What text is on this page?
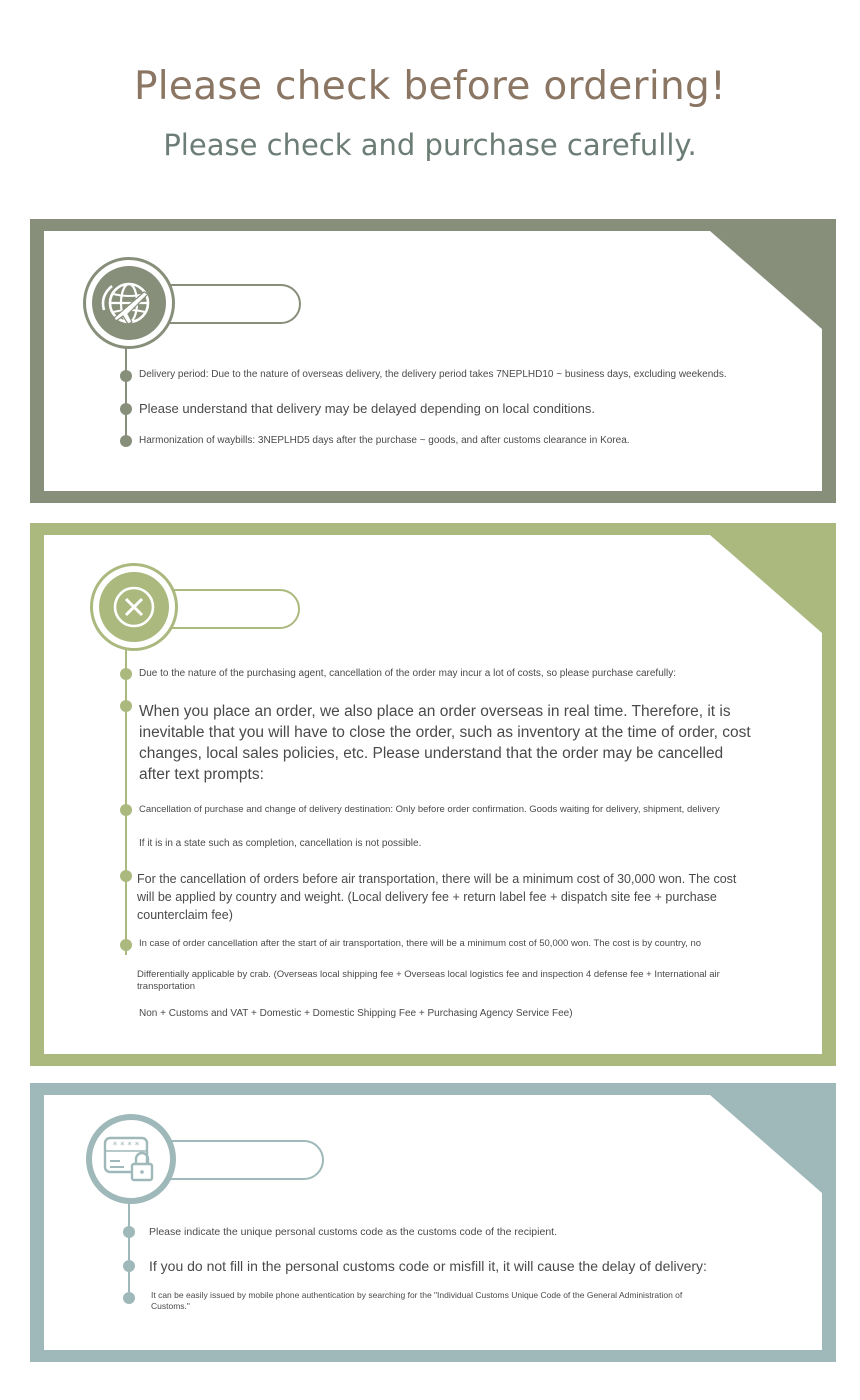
Please check before ordering!
Please check and purchase carefully.
Delivery period: Due to the nature of overseas delivery, the delivery period takes 7NEPLHD10 ~ business days, excluding weekends.
Please understand that delivery may be delayed depending on local conditions.
Harmonization of waybills: 3NEPLHD5 days after the purchase ~ goods, and after customs clearance in Korea.
Due to the nature of the purchasing agent, cancellation of the order may incur a lot of costs, so please purchase carefully:
When you place an order, we also place an order overseas in real time. Therefore, it is inevitable that you will have to close the order, such as inventory at the time of order, cost changes, local sales policies, etc. Please understand that the order may be cancelled after text prompts:
Cancellation of purchase and change of delivery destination: Only before order confirmation. Goods waiting for delivery, shipment, delivery
If it is in a state such as completion, cancellation is not possible.
For the cancellation of orders before air transportation, there will be a minimum cost of 30,000 won. The cost will be applied by country and weight. (Local delivery fee + return label fee + dispatch site fee + purchase counterclaim fee)
In case of order cancellation after the start of air transportation, there will be a minimum cost of 50,000 won. The cost is by country, no
Differentially applicable by crab. (Overseas local shipping fee + Overseas local logistics fee and inspection 4 defense fee + International air transportation
Non + Customs and VAT + Domestic + Domestic Shipping Fee + Purchasing Agency Service Fee)
* * * *
Please indicate the unique personal customs code as the customs code of the recipient.
If you do not fill in the personal customs code or misfill it, it will cause the delay of delivery:
It can be easily issued by mobile phone authentication by searching for the "Individual Customs Unique Code of the General Administration of Customs."
